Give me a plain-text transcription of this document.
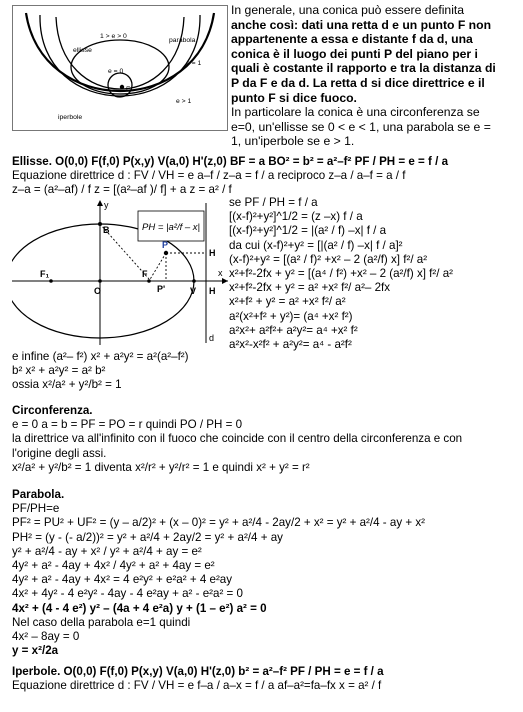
1 > e > 0
ellisse
parabola
e = 1
e = 0
F
e > 1
iperbole
In generale, una conica può essere definita
anche così: dati una retta d e un punto F non
appartenente a essa e distante f da d, una
conica è il luogo dei punti P del piano per i
quali è costante il rapporto e tra la distanza di
P da F e da d. La retta d si dice direttrice e il
punto F si dice fuoco.
In particolare la conica è una circonferenza se
e=0, un'ellisse se 0 < e < 1, una parabola se e =
1, un'iperbole se e > 1.
Ellisse. O(0,0) F(f,0) P(x,y) V(a,0) H'(z,0) BF = a BO² = b² = a²–f² PF / PH = e = f / a
Equazione direttrice d : FV / VH = e a–f / z–a = f / a reciproco z–a / a–f = a / f
z–a = (a²–af) / f z = [(a²–af )/ f] + a z = a² / f
PH = |a²/f – x|
y
x
B
P
F₁
O
F
P'	V
H
H
d
se PF / PH = f / a
[(x-f)²+y²]^1/2 = (z –x) f / a
[(x-f)²+y²]^1/2 = |(a² / f) –x| f / a
da cui (x-f)²+y² = [|(a² / f) –x| f / a]²
(x-f)²+y² = [(a² / f)² +x² – 2 (a²/f) x] f²/ a²
x²+f²-2fx + y² = [(a⁴ / f²) +x² – 2 (a²/f) x] f²/ a²
x²+f²-2fx + y² = a² +x² f²/ a²– 2fx
x²+f² + y² = a² +x² f²/ a²
a²(x²+f² + y²)= (a⁴ +x² f²)
a²x²+ a²f²+ a²y²= a⁴ +x² f²
a²x²-x²f² + a²y²= a⁴ - a²f²
e infine (a²– f²) x² + a²y² = a²(a²–f²)
b² x² + a²y² = a² b²
ossia x²/a² + y²/b² = 1
Circonferenza.
e = 0 a = b = PF = PO = r quindi PO / PH = 0
la direttrice va all'infinito con il fuoco che coincide con il centro della circonferenza e con
l'origine degli assi.
x²/a² + y²/b² = 1 diventa x²/r² + y²/r² = 1 e quindi x² + y² = r²
Parabola.
PF/PH=e
PF² = PU² + UF² = (y – a/2)² + (x – 0)² = y² + a²/4 - 2ay/2 + x² = y² + a²/4 - ay + x²
PH² = (y - (- a/2))² = y² + a²/4 + 2ay/2 = y² + a²/4 + ay
y² + a²/4 - ay + x² / y² + a²/4 + ay = e²
4y² + a² - 4ay + 4x² / 4y² + a² + 4ay = e²
4y² + a² - 4ay + 4x² = 4 e²y² + e²a² + 4 e²ay
4x² + 4y² - 4 e²y² - 4ay - 4 e²ay + a² - e²a² = 0
4x² + (4 - 4 e²) y² – (4a + 4 e²a) y + (1 – e²) a² = 0
Nel caso della parabola e=1 quindi
4x² – 8ay = 0
y = x²/2a
Iperbole. O(0,0) F(f,0) P(x,y) V(a,0) H'(z,0) b² = a²–f² PF / PH = e = f / a
Equazione direttrice d : FV / VH = e f–a / a–x = f / a af–a²=fa–fx x = a² / f
